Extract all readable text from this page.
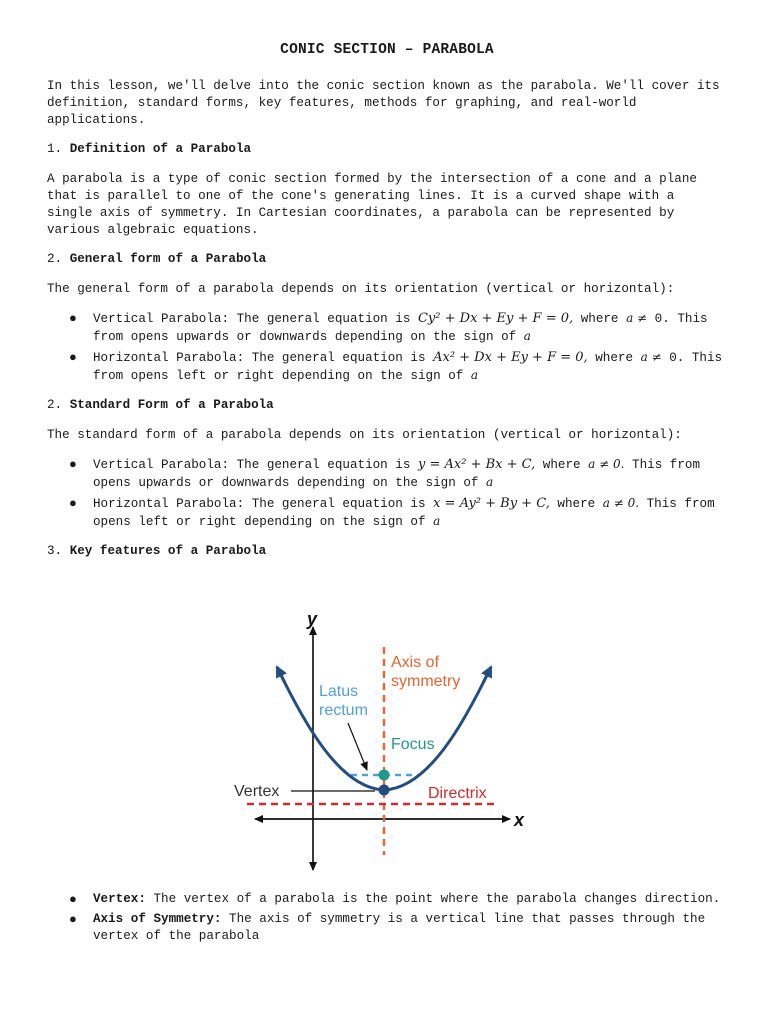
CONIC SECTION – PARABOLA

In this lesson, we'll delve into the conic section known as the parabola. We'll cover its definition, standard forms, key features, methods for graphing, and real-world applications.

1. Definition of a Parabola

A parabola is a type of conic section formed by the intersection of a cone and a plane that is parallel to one of the cone's generating lines. It is a curved shape with a single axis of symmetry. In Cartesian coordinates, a parabola can be represented by various algebraic equations.

2. General form of a Parabola

The general form of a parabola depends on its orientation (vertical or horizontal):

● Vertical Parabola: The general equation is Cy² + Dx + Ey + F = 0, where a ≠ 0. This from opens upwards or downwards depending on the sign of a
● Horizontal Parabola: The general equation is Ax² + Dx + Ey + F = 0, where a ≠ 0. This from opens left or right depending on the sign of a

2. Standard Form of a Parabola

The standard form of a parabola depends on its orientation (vertical or horizontal):

● Vertical Parabola: The general equation is y = Ax² + Bx + C, where a ≠ 0. This from opens upwards or downwards depending on the sign of a
● Horizontal Parabola: The general equation is x = Ay² + By + C, where a ≠ 0. This from opens left or right depending on the sign of a

3. Key features of a Parabola

y
x
Axis of
symmetry
Directrix
Latus
rectum
Focus
Vertex
● Vertex: The vertex of a parabola is the point where the parabola changes direction.
● Axis of Symmetry: The axis of symmetry is a vertical line that passes through the vertex of the parabola
